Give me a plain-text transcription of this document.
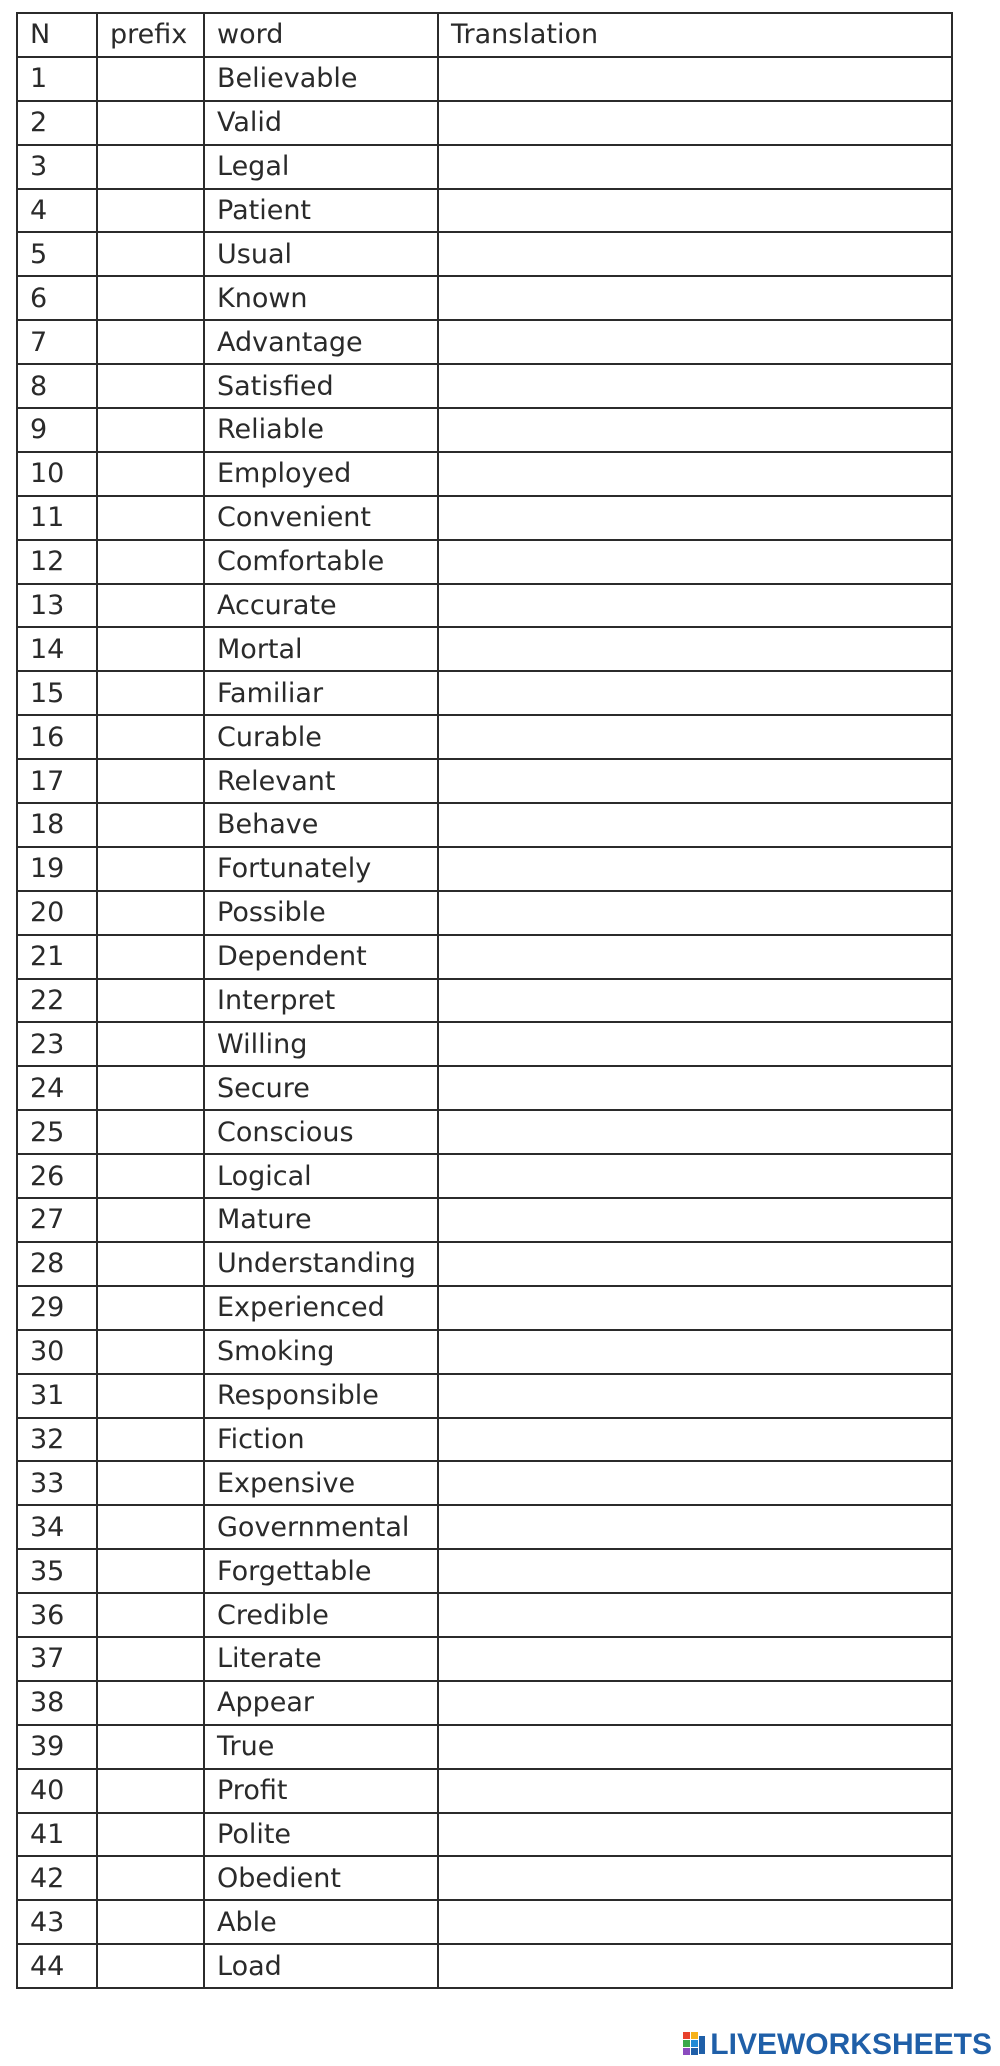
N	prefix	word	Translation
1		Believable	
2		Valid	
3		Legal	
4		Patient	
5		Usual	
6		Known	
7		Advantage	
8		Satisfied	
9		Reliable	
10		Employed	
11		Convenient	
12		Comfortable	
13		Accurate	
14		Mortal	
15		Familiar	
16		Curable	
17		Relevant	
18		Behave	
19		Fortunately	
20		Possible	
21		Dependent	
22		Interpret	
23		Willing	
24		Secure	
25		Conscious	
26		Logical	
27		Mature	
28		Understanding	
29		Experienced	
30		Smoking	
31		Responsible	
32		Fiction	
33		Expensive	
34		Governmental	
35		Forgettable	
36		Credible	
37		Literate	
38		Appear	
39		True	
40		Profit	
41		Polite	
42		Obedient	
43		Able	
44		Load	
LIVEWORKSHEETS
